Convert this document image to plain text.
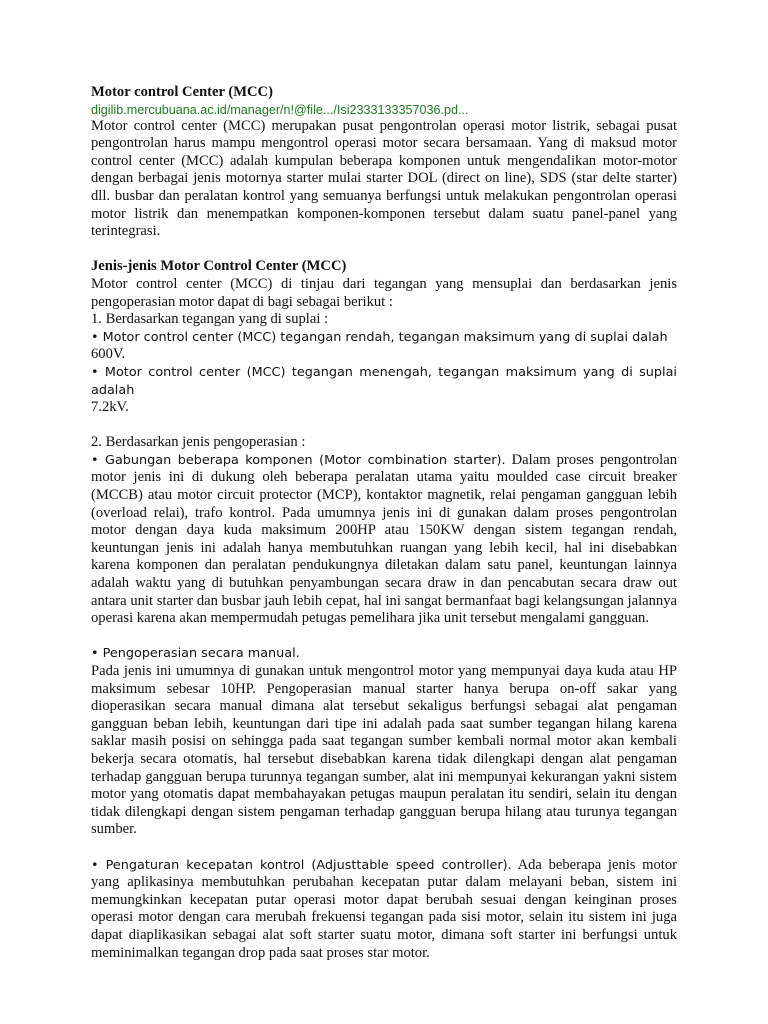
Motor control Center (MCC)

digilib.mercubuana.ac.id/manager/n!@file.../Isi2333133357036.pd...

Motor control center (MCC) merupakan pusat pengontrolan operasi motor listrik, sebagai pusat pengontrolan harus mampu mengontrol operasi motor secara bersamaan. Yang di maksud motor control center (MCC) adalah kumpulan beberapa komponen untuk mengendalikan motor-motor dengan berbagai jenis motornya starter mulai starter DOL (direct on line), SDS (star delte starter) dll. busbar dan peralatan kontrol yang semuanya berfungsi untuk melakukan pengontrolan operasi motor listrik dan menempatkan komponen-komponen tersebut dalam suatu panel-panel yang terintegrasi.

Jenis-jenis Motor Control Center (MCC)

Motor control center (MCC) di tinjau dari tegangan yang mensuplai dan berdasarkan jenis pengoperasian motor dapat di bagi sebagai berikut :

1. Berdasarkan tegangan yang di suplai :

• Motor control center (MCC) tegangan rendah, tegangan maksimum yang di suplai dalah
600V.

• Motor control center (MCC) tegangan menengah, tegangan maksimum yang di suplai adalah
7.2kV.

2. Berdasarkan jenis pengoperasian :

• Gabungan beberapa komponen (Motor combination starter). Dalam proses pengontrolan motor jenis ini di dukung oleh beberapa peralatan utama yaitu moulded case circuit breaker (MCCB) atau motor circuit protector (MCP), kontaktor magnetik, relai pengaman gangguan lebih (overload relai), trafo kontrol. Pada umumnya jenis ini di gunakan dalam proses pengontrolan motor dengan daya kuda maksimum 200HP atau 150KW dengan sistem tegangan rendah, keuntungan jenis ini adalah hanya membutuhkan ruangan yang lebih kecil, hal ini disebabkan karena komponen dan peralatan pendukungnya diletakan dalam satu panel, keuntungan lainnya adalah waktu yang di butuhkan penyambungan secara draw in dan pencabutan secara draw out antara unit starter dan busbar jauh lebih cepat, hal ini sangat bermanfaat bagi kelangsungan jalannya operasi karena akan mempermudah petugas pemelihara jika unit tersebut mengalami gangguan.

• Pengoperasian secara manual.

Pada jenis ini umumnya di gunakan untuk mengontrol motor yang mempunyai daya kuda atau HP maksimum sebesar 10HP. Pengoperasian manual starter hanya berupa on-off sakar yang dioperasikan secara manual dimana alat tersebut sekaligus berfungsi sebagai alat pengaman gangguan beban lebih, keuntungan dari tipe ini adalah pada saat sumber tegangan hilang karena saklar masih posisi on sehingga pada saat tegangan sumber kembali normal motor akan kembali bekerja secara otomatis, hal tersebut disebabkan karena tidak dilengkapi dengan alat pengaman terhadap gangguan berupa turunnya tegangan sumber, alat ini mempunyai kekurangan yakni sistem motor yang otomatis dapat membahayakan petugas maupun peralatan itu sendiri, selain itu dengan tidak dilengkapi dengan sistem pengaman terhadap gangguan berupa hilang atau turunya tegangan sumber.

• Pengaturan kecepatan kontrol (Adjusttable speed controller). Ada beberapa jenis motor yang aplikasinya membutuhkan perubahan kecepatan putar dalam melayani beban, sistem ini memungkinkan kecepatan putar operasi motor dapat berubah sesuai dengan keinginan proses operasi motor dengan cara merubah frekuensi tegangan pada sisi motor, selain itu sistem ini juga dapat diaplikasikan sebagai alat soft starter suatu motor, dimana soft starter ini berfungsi untuk meminimalkan tegangan drop pada saat proses star motor.
